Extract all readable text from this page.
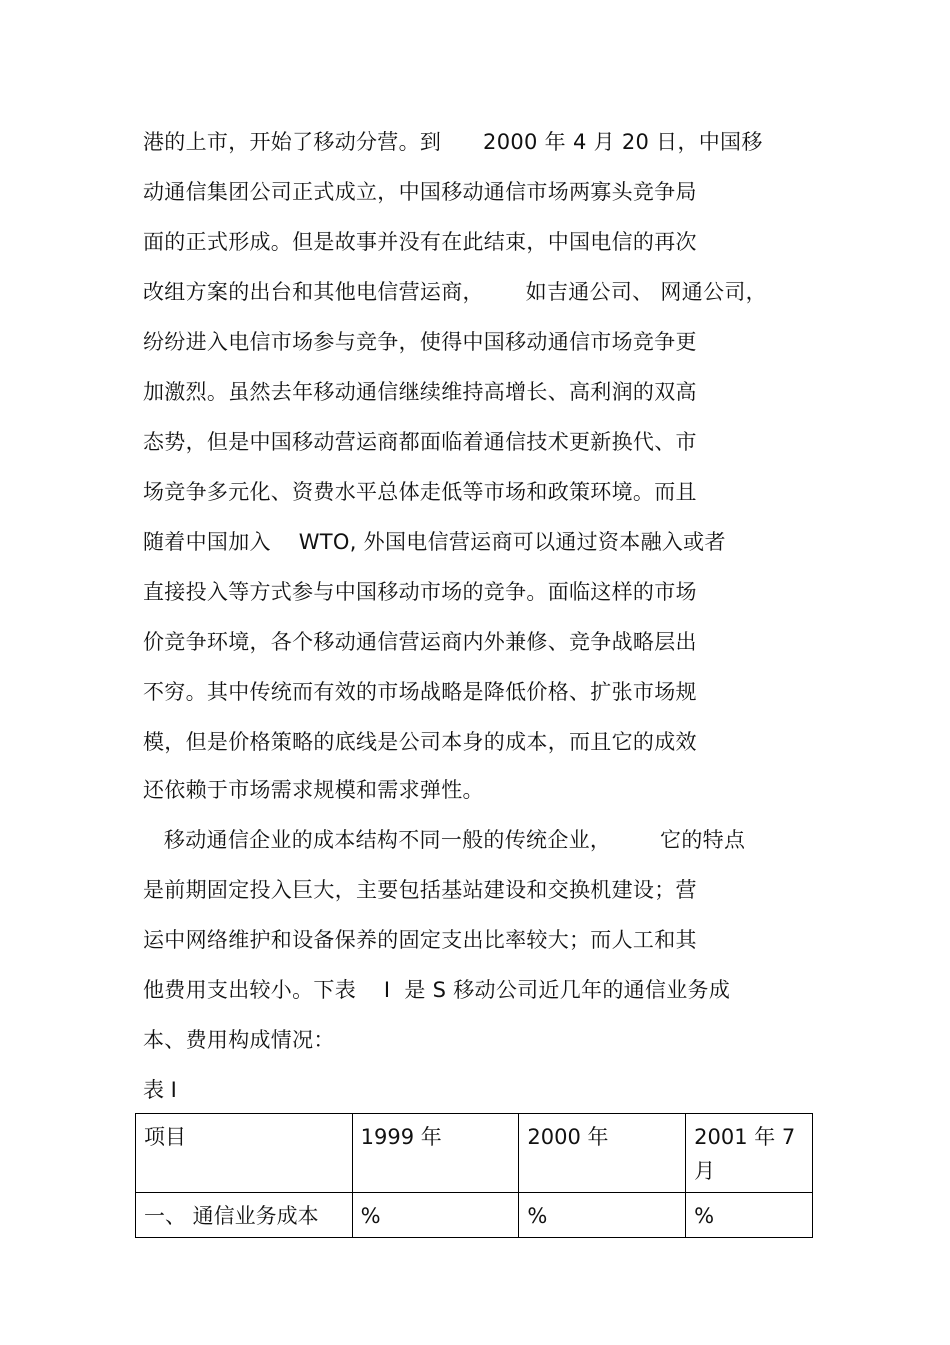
港的上市，开始了移动分营。到      2000 年 4 月 20 日，中国移
动通信集团公司正式成立，中国移动通信市场两寡头竞争局
面的正式形成。但是故事并没有在此结束，中国电信的再次
改组方案的出台和其他电信营运商，      如吉通公司、 网通公司，
纷纷进入电信市场参与竞争，使得中国移动通信市场竞争更
加激烈。虽然去年移动通信继续维持高增长、高利润的双高
态势，但是中国移动营运商都面临着通信技术更新换代、市
场竞争多元化、资费水平总体走低等市场和政策环境。而且
随着中国加入    WTO, 外国电信营运商可以通过资本融入或者
直接投入等方式参与中国移动市场的竞争。面临这样的市场
价竞争环境，各个移动通信营运商内外兼修、竞争战略层出
不穷。其中传统而有效的市场战略是降低价格、扩张市场规
模，但是价格策略的底线是公司本身的成本，而且它的成效
还依赖于市场需求规模和需求弹性。
移动通信企业的成本结构不同一般的传统企业，       它的特点
是前期固定投入巨大，主要包括基站建设和交换机建设；营
运中网络维护和设备保养的固定支出比率较大；而人工和其
他费用支出较小。下表    I  是 S 移动公司近几年的通信业务成
本、费用构成情况：
表 I
项目	1999 年	2000 年	2001 年 7 月
一、 通信业务成本	%	%	%
